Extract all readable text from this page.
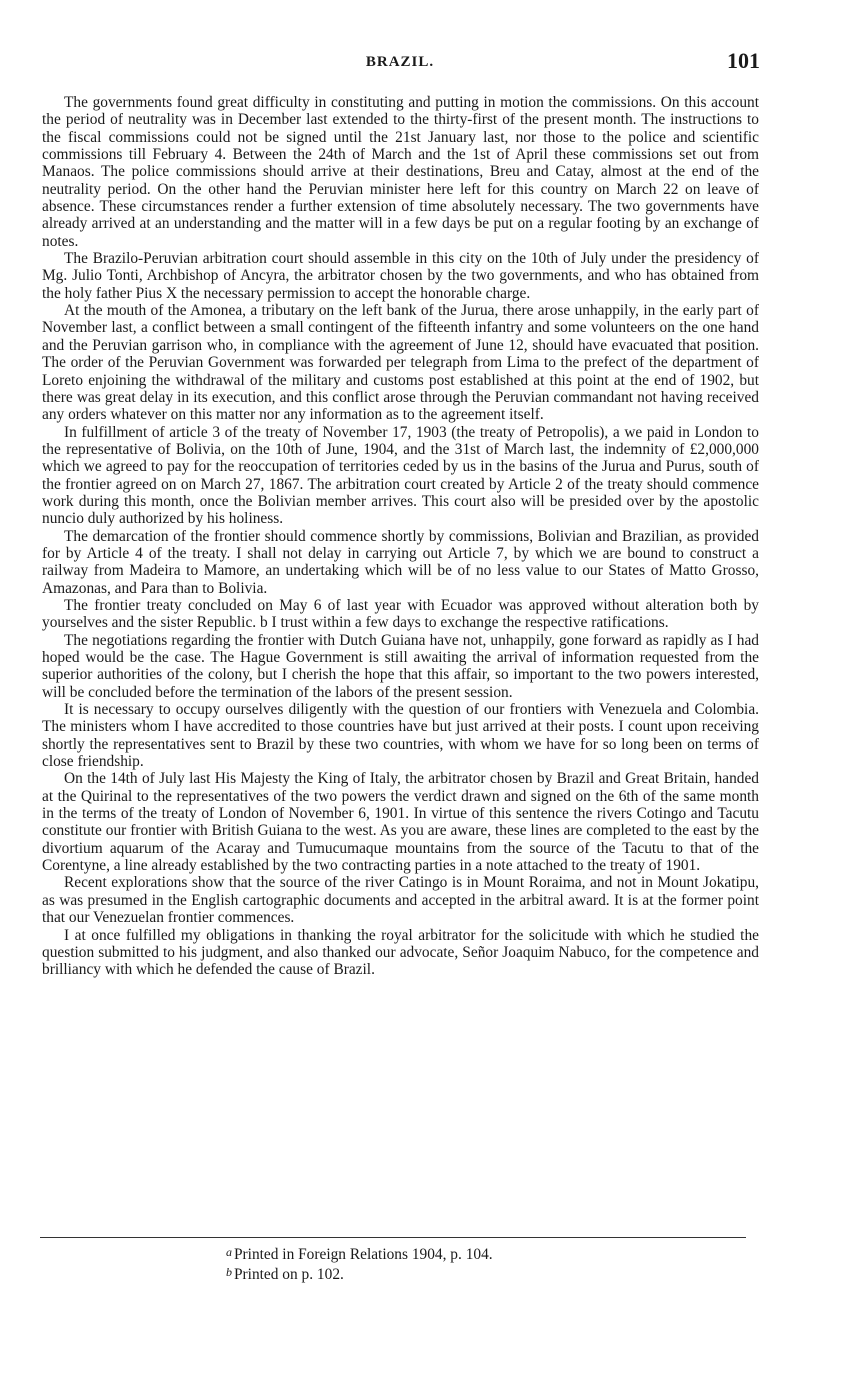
BRAZIL.	101

The governments found great difficulty in constituting and putting in motion the commissions. On this account the period of neutrality was in December last extended to the thirty-first of the present month. The instructions to the fiscal commissions could not be signed until the 21st January last, nor those to the police and scientific commissions till February 4. Between the 24th of March and the 1st of April these commissions set out from Manaos. The police commissions should arrive at their destinations, Breu and Catay, almost at the end of the neutrality period. On the other hand the Peruvian minister here left for this country on March 22 on leave of absence. These circumstances render a further extension of time absolutely necessary. The two governments have already arrived at an understanding and the matter will in a few days be put on a regular footing by an exchange of notes.

The Brazilo-Peruvian arbitration court should assemble in this city on the 10th of July under the presidency of Mg. Julio Tonti, Archbishop of Ancyra, the arbitrator chosen by the two governments, and who has obtained from the holy father Pius X the necessary permission to accept the honorable charge.

At the mouth of the Amonea, a tributary on the left bank of the Jurua, there arose unhappily, in the early part of November last, a conflict between a small contingent of the fifteenth infantry and some volunteers on the one hand and the Peruvian garrison who, in compliance with the agreement of June 12, should have evacuated that position. The order of the Peruvian Government was forwarded per telegraph from Lima to the prefect of the department of Loreto enjoining the withdrawal of the military and customs post established at this point at the end of 1902, but there was great delay in its execution, and this conflict arose through the Peruvian commandant not having received any orders whatever on this matter nor any information as to the agreement itself.

In fulfillment of article 3 of the treaty of November 17, 1903 (the treaty of Petropolis), a we paid in London to the representative of Bolivia, on the 10th of June, 1904, and the 31st of March last, the indemnity of £2,000,000 which we agreed to pay for the reoccupation of territories ceded by us in the basins of the Jurua and Purus, south of the frontier agreed on on March 27, 1867. The arbitration court created by Article 2 of the treaty should commence work during this month, once the Bolivian member arrives. This court also will be presided over by the apostolic nuncio duly authorized by his holiness.

The demarcation of the frontier should commence shortly by commissions, Bolivian and Brazilian, as provided for by Article 4 of the treaty. I shall not delay in carrying out Article 7, by which we are bound to construct a railway from Madeira to Mamore, an undertaking which will be of no less value to our States of Matto Grosso, Amazonas, and Para than to Bolivia.

The frontier treaty concluded on May 6 of last year with Ecuador was approved without alteration both by yourselves and the sister Republic. b I trust within a few days to exchange the respective ratifications.

The negotiations regarding the frontier with Dutch Guiana have not, unhappily, gone forward as rapidly as I had hoped would be the case. The Hague Government is still awaiting the arrival of information requested from the superior authorities of the colony, but I cherish the hope that this affair, so important to the two powers interested, will be concluded before the termination of the labors of the present session.

It is necessary to occupy ourselves diligently with the question of our frontiers with Venezuela and Colombia. The ministers whom I have accredited to those countries have but just arrived at their posts. I count upon receiving shortly the representatives sent to Brazil by these two countries, with whom we have for so long been on terms of close friendship.

On the 14th of July last His Majesty the King of Italy, the arbitrator chosen by Brazil and Great Britain, handed at the Quirinal to the representatives of the two powers the verdict drawn and signed on the 6th of the same month in the terms of the treaty of London of November 6, 1901. In virtue of this sentence the rivers Cotingo and Tacutu constitute our frontier with British Guiana to the west. As you are aware, these lines are completed to the east by the divortium aquarum of the Acaray and Tumucumaque mountains from the source of the Tacutu to that of the Corentyne, a line already established by the two contracting parties in a note attached to the treaty of 1901.

Recent explorations show that the source of the river Catingo is in Mount Roraima, and not in Mount Jokatipu, as was presumed in the English cartographic documents and accepted in the arbitral award. It is at the former point that our Venezuelan frontier commences.

I at once fulfilled my obligations in thanking the royal arbitrator for the solicitude with which he studied the question submitted to his judgment, and also thanked our advocate, Señor Joaquim Nabuco, for the competence and brilliancy with which he defended the cause of Brazil.

a Printed in Foreign Relations 1904, p. 104.
b Printed on p. 102.
